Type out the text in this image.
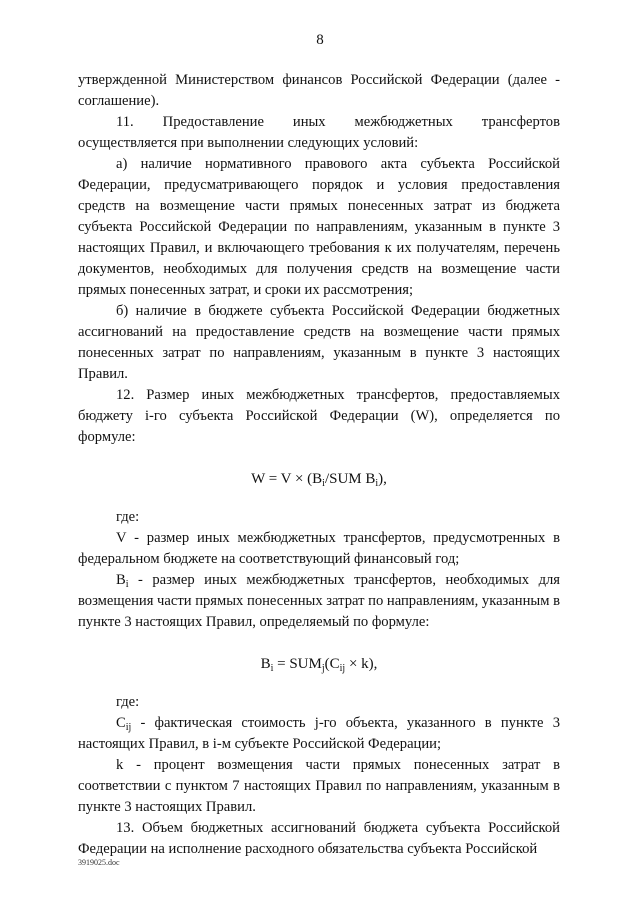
8

утвержденной Министерством финансов Российской Федерации (далее - соглашение).

11. Предоставление иных межбюджетных трансфертов осуществляется при выполнении следующих условий:

а) наличие нормативного правового акта субъекта Российской Федерации, предусматривающего порядок и условия предоставления средств на возмещение части прямых понесенных затрат из бюджета субъекта Российской Федерации по направлениям, указанным в пункте 3 настоящих Правил, и включающего требования к их получателям, перечень документов, необходимых для получения средств на возмещение части прямых понесенных затрат, и сроки их рассмотрения;

б) наличие в бюджете субъекта Российской Федерации бюджетных ассигнований на предоставление средств на возмещение части прямых понесенных затрат по направлениям, указанным в пункте 3 настоящих Правил.

12. Размер иных межбюджетных трансфертов, предоставляемых бюджету i-го субъекта Российской Федерации (W), определяется по формуле:

$W = V \times (B_i$/SUM $B_i$),

где:

V - размер иных межбюджетных трансфертов, предусмотренных в федеральном бюджете на соответствующий финансовый год;

$B_i$ - размер иных межбюджетных трансфертов, необходимых для возмещения части прямых понесенных затрат по направлениям, указанным в пункте 3 настоящих Правил, определяемый по формуле:

$B_i = SUM_j(C_{ij} \times k)$,

где:

$C_{ij}$ - фактическая стоимость j-го объекта, указанного в пункте 3 настоящих Правил, в i-м субъекте Российской Федерации;

k - процент возмещения части прямых понесенных затрат в соответствии с пунктом 7 настоящих Правил по направлениям, указанным в пункте 3 настоящих Правил.

13. Объем бюджетных ассигнований бюджета субъекта Российской Федерации на исполнение расходного обязательства субъекта Российской

3919025.doc
